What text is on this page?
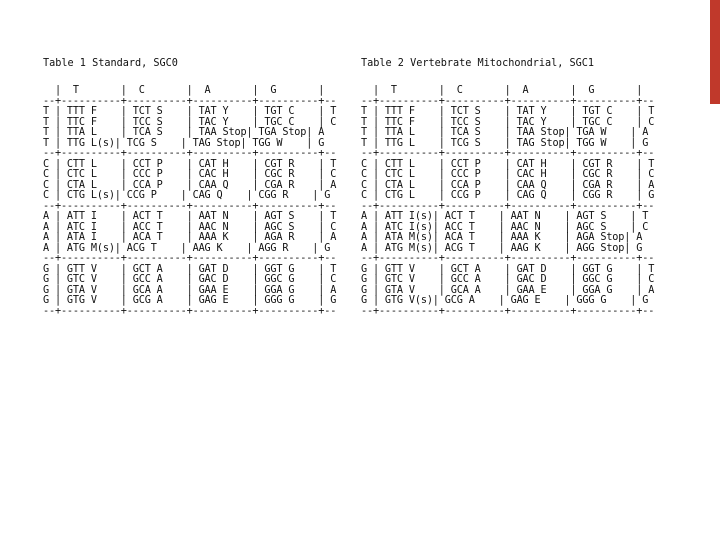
Table 1 Standard, SGC0
|  T       |  C       |  A       |  G       |
--+----------+----------+----------+----------+--
T | TTT F    | TCT S    | TAT Y    | TGT C    | T
T | TTC F    | TCC S    | TAC Y    | TGC C    | C
T | TTA L    | TCA S    | TAA Stop| TGA Stop| A
T | TTG L(s)| TCG S    | TAG Stop| TGG W    | G
--+----------+----------+----------+----------+--
C | CTT L    | CCT P    | CAT H    | CGT R    | T
C | CTC L    | CCC P    | CAC H    | CGC R    | C
C | CTA L    | CCA P    | CAA Q    | CGA R    | A
C | CTG L(s)| CCG P    | CAG Q    | CGG R    | G
--+----------+----------+----------+----------+--
A | ATT I    | ACT T    | AAT N    | AGT S    | T
A | ATC I    | ACC T    | AAC N    | AGC S    | C
A | ATA I    | ACA T    | AAA K    | AGA R    | A
A | ATG M(s)| ACG T    | AAG K    | AGG R    | G
--+----------+----------+----------+----------+--
G | GTT V    | GCT A    | GAT D    | GGT G    | T
G | GTC V    | GCC A    | GAC D    | GGC G    | C
G | GTA V    | GCA A    | GAA E    | GGA G    | A
G | GTG V    | GCG A    | GAG E    | GGG G    | G
--+----------+----------+----------+----------+--
Table 2 Vertebrate Mitochondrial, SGC1
|  T       |  C       |  A       |  G       |
--+----------+----------+----------+----------+--
T | TTT F    | TCT S    | TAT Y    | TGT C    | T
T | TTC F    | TCC S    | TAC Y    | TGC C    | C
T | TTA L    | TCA S    | TAA Stop| TGA W    | A
T | TTG L    | TCG S    | TAG Stop| TGG W    | G
--+----------+----------+----------+----------+--
C | CTT L    | CCT P    | CAT H    | CGT R    | T
C | CTC L    | CCC P    | CAC H    | CGC R    | C
C | CTA L    | CCA P    | CAA Q    | CGA R    | A
C | CTG L    | CCG P    | CAG Q    | CGG R    | G
--+----------+----------+----------+----------+--
A | ATT I(s)| ACT T    | AAT N    | AGT S    | T
A | ATC I(s)| ACC T    | AAC N    | AGC S    | C
A | ATA M(s)| ACA T    | AAA K    | AGA Stop| A
A | ATG M(s)| ACG T    | AAG K    | AGG Stop| G
--+----------+----------+----------+----------+--
G | GTT V    | GCT A    | GAT D    | GGT G    | T
G | GTC V    | GCC A    | GAC D    | GGC G    | C
G | GTA V    | GCA A    | GAA E    | GGA G    | A
G | GTG V(s)| GCG A    | GAG E    | GGG G    | G
--+----------+----------+----------+----------+--
